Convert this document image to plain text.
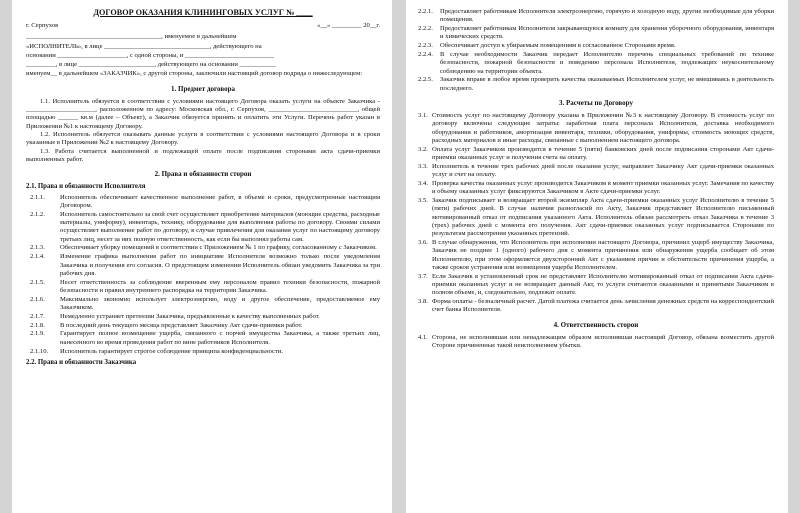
ДОГОВОР ОКАЗАНИЯ КЛИНИНГОВЫХ УСЛУГ № ____
г. Серпухов	«__» _________ 20__г.

_________________________________________, именуемое в дальнейшем

«ИСПОЛНИТЕЛЬ», в лице ________________________________, действующего на

основании _____________________, с одной стороны, и ___________________________

_________, в лице _______________________, действующего на основании ___________

именуем__ в дальнейшем «ЗАКАЗЧИК», с другой стороны, заключили настоящий договор подряда о нижеследующем:

1. Предмет договора

1.1. Исполнитель обязуется в соответствии с условиями настоящего Договора оказать услуги на объекте Заказчика - _____________________, расположенном по адресу: Московская обл., г. Серпухов, ___________________________, общей площадью ______ кв.м (далее – Объект), а Заказчик обязуется принять и оплатить эти Услуги. Перечень работ указан в Приложении №1 к настоящему Договору.

1.2. Исполнитель обязуется оказывать данные услуги в соответствии с условиями настоящего Договора и в сроки указанные в Приложении №2 к настоящему Договору.

1.3. Работа считается выполненной и подлежащей оплате после подписания сторонами акта сдачи-приемки выполненных работ.

2. Права и обязанности сторон
2.1. Права и обязанности Исполнителя
2.1.1.	Исполнитель обеспечивает качественное выполнение работ, в объеме и сроки, предусмотренные настоящим Договором.
2.1.2.	Исполнитель самостоятельно за свой счет осуществляет приобретение материалов (моющие средства, расходные материалы, униформу), инвентарь, технику, оборудование для выполнения работы по договору. Своими силами осуществляет выполнение работ по договору, в случае привлечения для оказания услуг по настоящему договору третьих лиц, несет за них полную ответственность, как если бы выполнял работы сам.
2.1.3.	Обеспечивает уборку помещений в соответствии с Приложением № 1 по графику, согласованному с Заказчиком.
2.1.4.	Изменение графика выполнения работ по инициативе Исполнителя возможно только после уведомления Заказчика и получения его согласия. О предстоящем изменении Исполнитель обязан уведомить Заказчика за три рабочих дня.
2.1.5.	Несет ответственность за соблюдение вверенным ему персоналом правил техники безопасности, пожарной безопасности и правил внутреннего распорядка на территории Заказчика.
2.1.6.	Максимально экономно использует электроэнергию, воду и другое обеспечение, предоставляемое ему Заказчиком.
2.1.7.	Немедленно устраняет претензии Заказчика, предъявленные к качеству выполненных работ.
2.1.8.	В последний день текущего месяца представляет Заказчику Акт сдачи-приемки работ.
2.1.9.	Гарантирует полное возмещение ущерба, связанного с порчей имущества Заказчика, а также третьих лиц, нанесенного во время проведения работ по вине работников Исполнителя.
2.1.10.	Исполнитель гарантирует строгое соблюдение принципа конфиденциальности.
2.2. Права и обязанности Заказчика
2.2.1.	Предоставляет работникам Исполнителя электроэнергию, горячую и холодную воду, другие необходимые для уборки помещения.
2.2.2.	Предоставляет работникам Исполнителя закрывающуюся комнату для хранения уборочного оборудования, инвентаря и химических средств.
2.2.3.	Обеспечивает доступ к убираемым помещениям в согласованное Сторонами время.
2.2.4.	В случае необходимости Заказчик передает Исполнителю перечень специальных требований по технике безопасности, пожарной безопасности и поведению персонала Исполнителя, подлежащих неукоснительному соблюдению на территории объекта.
2.2.5.	Заказчик вправе в любое время проверить качества оказываемых Исполнителем услуг, не вмешиваясь в деятельность последнего.
3. Расчеты по Договору
3.1. Стоимость услуг по настоящему Договору указана в Приложении №3 к настоящему Договору. В стоимость услуг по договору включены следующие затраты: заработная плата персонала Исполнителя, доставка необходимого оборудования и работников, амортизация инвентаря, техники, оборудования, униформы, стоимость моющих средств, расходных материалов и иные расходы, связанные с выполнением настоящего договора.
3.2. Оплата услуг Заказчиком производится в течение 5 (пяти) банковских дней после подписания сторонами Акт сдачи-приемки оказанных услуг и получения счета на оплату.
3.3. Исполнитель в течение трех рабочих дней после оказания услуг, направляет Заказчику Акт сдачи-приемки оказанных услуг и счет на оплату.
3.4. Проверка качества оказанных услуг производится Заказчиком в момент приемки оказанных услуг. Замечания по качеству и объему оказанных услуг фиксируются Заказчиком в Акте сдачи-приемки услуг.
3.5. Заказчик подписывает и возвращает второй экземпляр Акта сдачи-приемки оказанных услуг Исполнителю в течение 5 (пяти) рабочих дней. В случае наличия разногласий по Акту, Заказчик представляет Исполнителю письменный мотивированный отказ от подписания указанного Акта. Исполнитель обязан рассмотреть отказ Заказчика в течение 3 (трех) рабочих дней с момента его получения. Акт сдачи-приемки оказанных услуг подписывается Сторонами по результатам рассмотрения указанных претензий.
3.6. В случае обнаружения, что Исполнитель при исполнении настоящего Договора, причинил ущерб имуществу Заказчика, Заказчик не позднее 1 (одного) рабочего дня с момента причинения или обнаружения ущерба сообщает об этом Исполнителю, при этом оформляется двухсторонний Акт с указанием причин и обстоятельств причинения ущерба, а также сроков устранения или возмещения ущерба Исполнителем.
3.7. Если Заказчик в установленный срок не представляет Исполнителю мотивированный отказ от подписания Акта сдачи-приемки оказанных услуг и не возвращает данный Акт, то услуги считаются оказанными и принятыми Заказчиком в полном объеме, и, следовательно, подлежат оплате.
3.8. Форма оплаты - безналичный расчет. Датой платежа считается день зачисления денежных средств на корреспондентский счет банка Исполнителя.
4. Ответственность сторон
4.1. Сторона, не исполнившая или ненадлежащим образом исполнившая настоящий Договор, обязана возместить другой Стороне причиненные такой неисполнением убытки.
